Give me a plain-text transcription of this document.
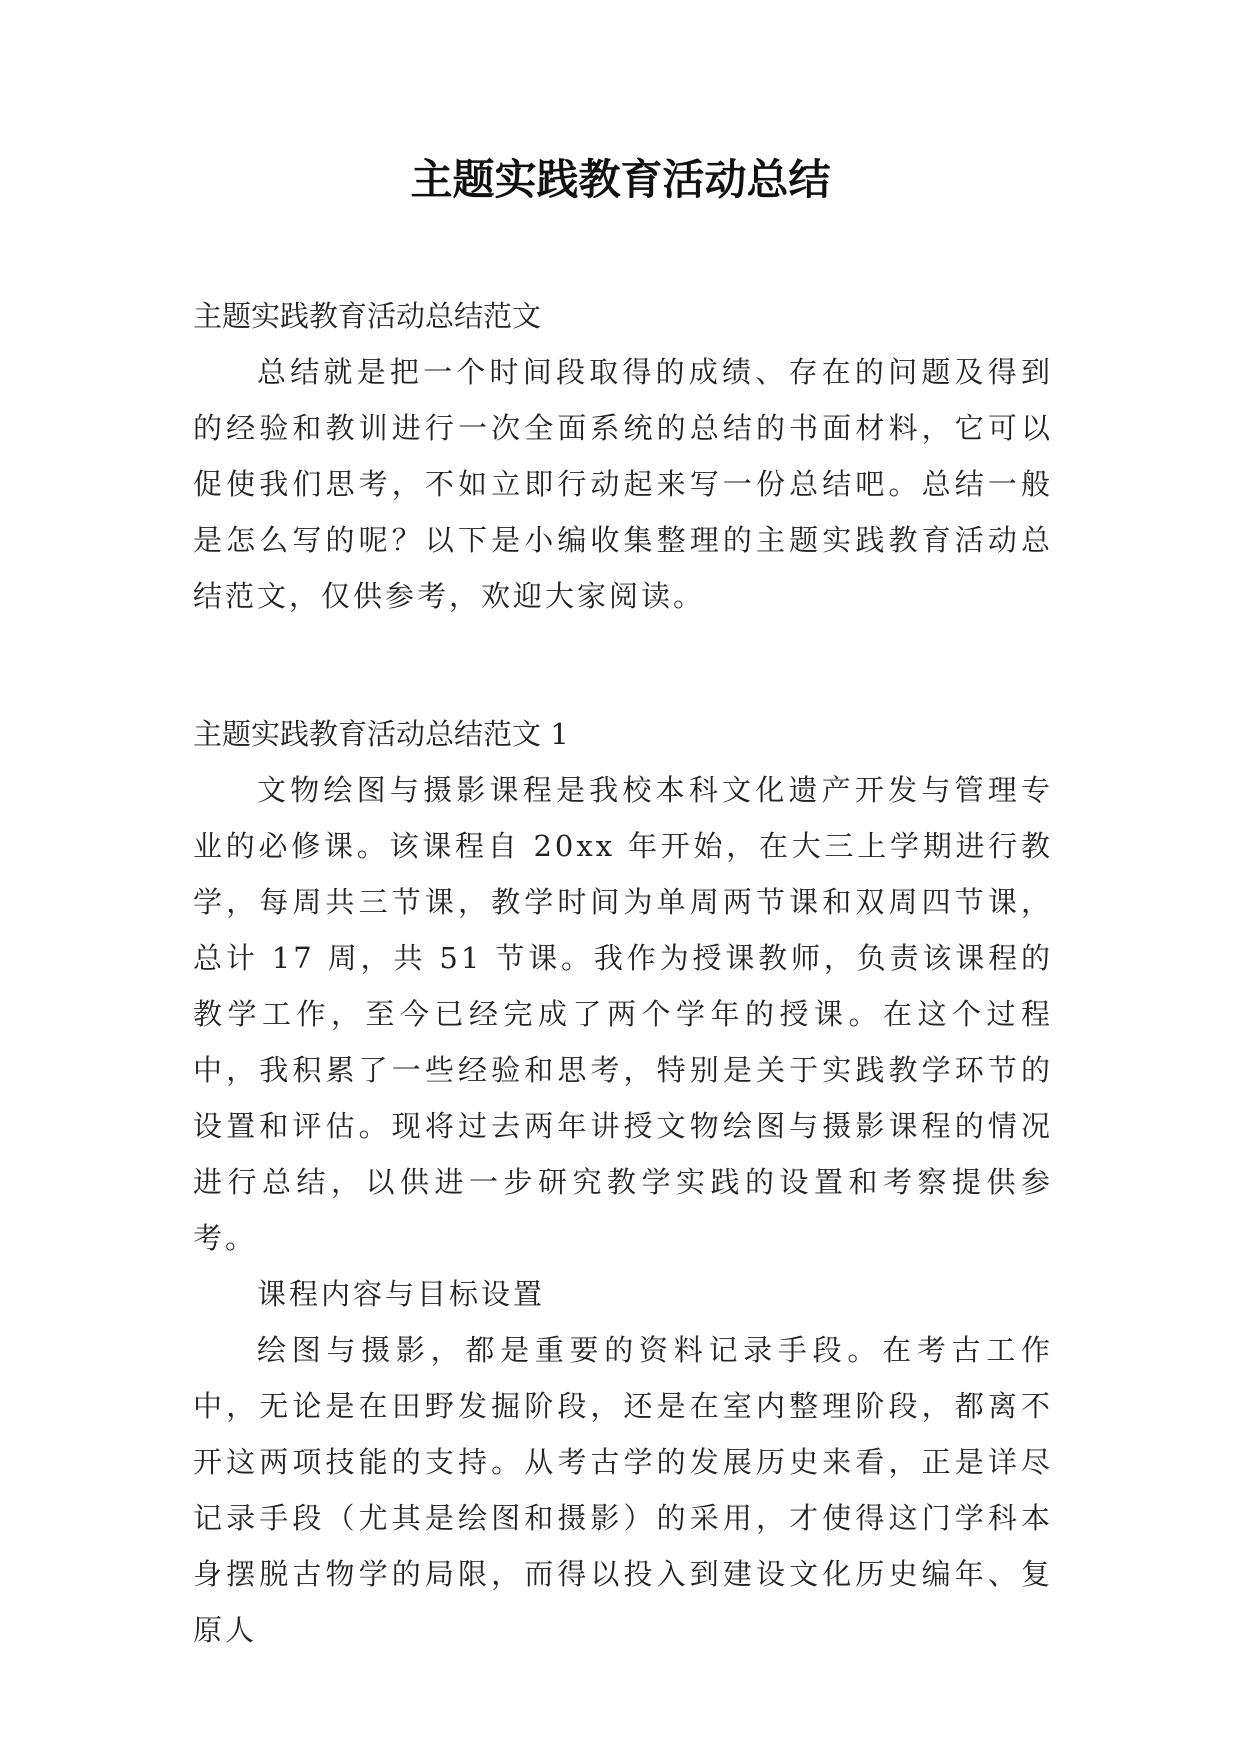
主题实践教育活动总结
主题实践教育活动总结范文

总结就是把一个时间段取得的成绩、存在的问题及得到的经验和教训进行一次全面系统的总结的书面材料，它可以促使我们思考，不如立即行动起来写一份总结吧。总结一般是怎么写的呢？以下是小编收集整理的主题实践教育活动总结范文，仅供参考，欢迎大家阅读。

主题实践教育活动总结范文 1

文物绘图与摄影课程是我校本科文化遗产开发与管理专业的必修课。该课程自 20xx 年开始，在大三上学期进行教学，每周共三节课，教学时间为单周两节课和双周四节课，总计 17 周，共 51 节课。我作为授课教师，负责该课程的教学工作，至今已经完成了两个学年的授课。在这个过程中，我积累了一些经验和思考，特别是关于实践教学环节的设置和评估。现将过去两年讲授文物绘图与摄影课程的情况进行总结，以供进一步研究教学实践的设置和考察提供参考。

课程内容与目标设置

绘图与摄影，都是重要的资料记录手段。在考古工作中，无论是在田野发掘阶段，还是在室内整理阶段，都离不开这两项技能的支持。从考古学的发展历史来看，正是详尽记录手段（尤其是绘图和摄影）的采用，才使得这门学科本身摆脱古物学的局限，而得以投入到建设文化历史编年、复原人
